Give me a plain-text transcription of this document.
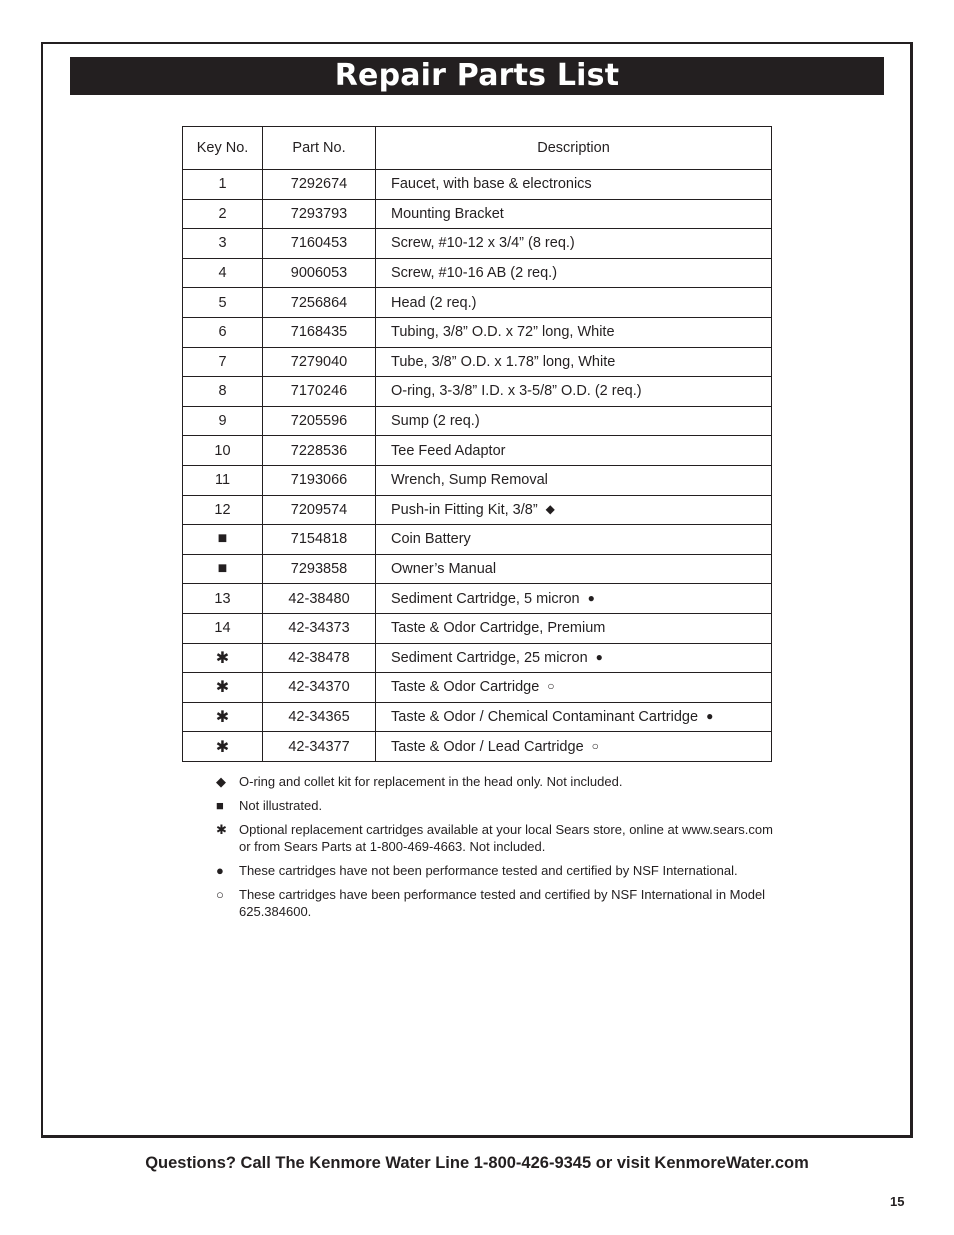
Repair Parts List
Key No.	Part No.	Description
1	7292674	Faucet, with base & electronics
2	7293793	Mounting Bracket
3	7160453	Screw, #10-12 x 3/4” (8 req.)
4	9006053	Screw, #10-16 AB (2 req.)
5	7256864	Head (2 req.)
6	7168435	Tubing, 3/8” O.D. x 72” long, White
7	7279040	Tube, 3/8” O.D. x 1.78” long, White
8	7170246	O-ring, 3-3/8” I.D. x 3-5/8” O.D. (2 req.)
9	7205596	Sump (2 req.)
10	7228536	Tee Feed Adaptor
11	7193066	Wrench, Sump Removal
12	7209574	Push-in Fitting Kit, 3/8” ◆
■	7154818	Coin Battery
■	7293858	Owner’s Manual
13	42-38480	Sediment Cartridge, 5 micron ●
14	42-34373	Taste & Odor Cartridge, Premium
✱	42-38478	Sediment Cartridge, 25 micron ●
✱	42-34370	Taste & Odor Cartridge ○
✱	42-34365	Taste & Odor / Chemical Contaminant Cartridge ●
✱	42-34377	Taste & Odor / Lead Cartridge ○
◆	O-ring and collet kit for replacement in the head only. Not included.
■	Not illustrated.
✱ Optional replacement cartridges available at your local Sears store, online at www.sears.com or from Sears Parts at 1-800-469-4663. Not included.
●	These cartridges have not been performance tested and certified by NSF International.
○	These cartridges have been performance tested and certified by NSF International in Model 625.384600.
Questions? Call The Kenmore Water Line 1-800-426-9345 or visit KenmoreWater.com
15
